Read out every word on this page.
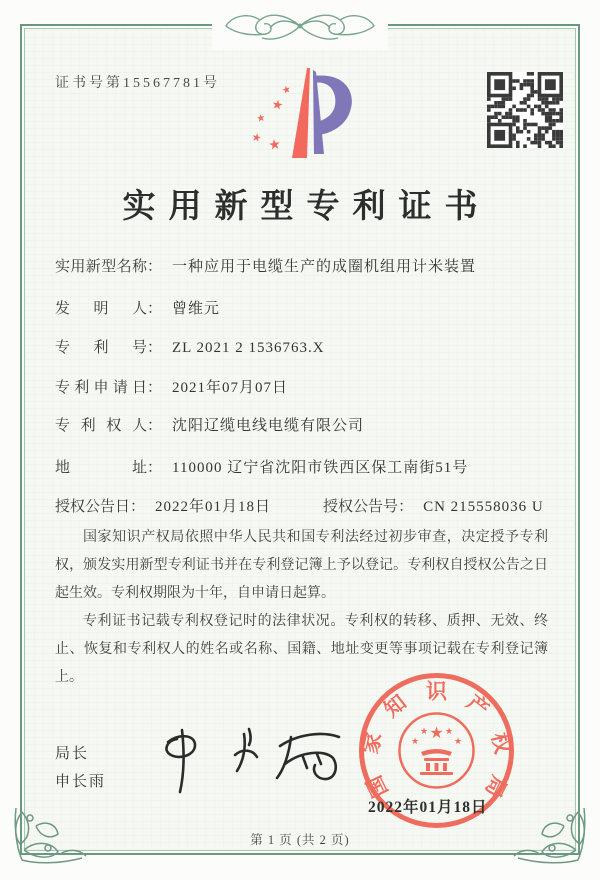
证书号第15567781号	★
★
★
★ ★
实用新型专利证书
实用新型名称 ： 一种应用于电缆生产的成圈机组用计米装置
发明人 ： 曾维元
专利号 ： ZL 2021 2 1536763.X
专利申请日 ： 2021年07月07日
专利权人 ： 沈阳辽缆电线电缆有限公司
地址 ： 110000 辽宁省沈阳市铁西区保工南街51号
授权公告日 ： 2022年01月18日	授权公告号 ： CN 215558036 U

国家知识产权局依照中华人民共和国专利法经过初步审查，决定授予专利权，颁发实用新型专利证书并在专利登记簿上予以登记。专利权自授权公告之日起生效。专利权期限为十年，自申请日起算。

专利证书记载专利权登记时的法律状况。专利权的转移、质押、无效、终止、恢复和专利权人的姓名或名称、国籍、地址变更等事项记载在专利登记簿上。

局长
申长雨	国
家
知 识 产
权
局
★
★
★ ★
★
2022年01月18日
第 1 页 (共 2 页)
